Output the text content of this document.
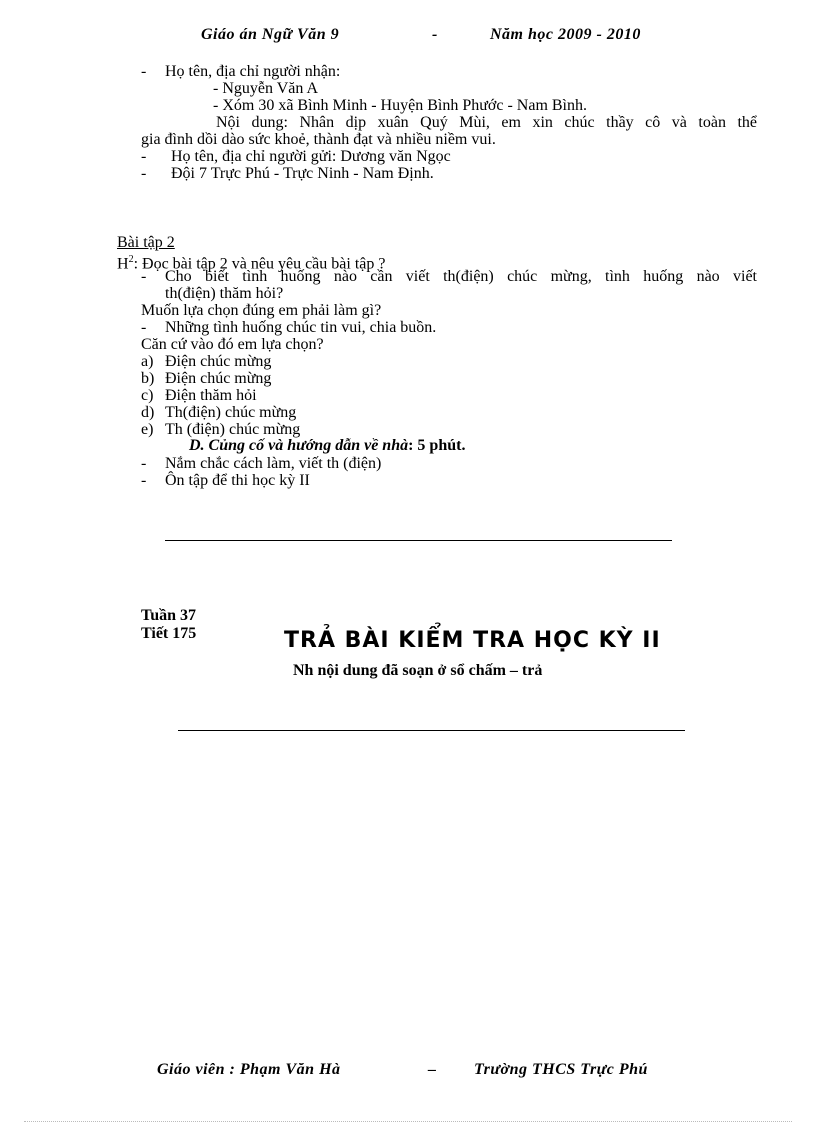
Giáo án Ngữ Văn 9	-	Năm học 2009 - 2010
- Họ tên, địa chỉ người nhận:
- Nguyễn Văn A
- Xóm 30 xã Bình Minh - Huyện Bình Phước - Nam Bình.
Nội dung: Nhân dịp xuân Quý Mùi, em xin chúc thầy cô và toàn thể
gia đình dồi dào sức khoẻ, thành đạt và nhiều niềm vui.
- Họ tên, địa chỉ người gửi: Dương văn Ngọc
- Đội 7 Trực Phú - Trực Ninh - Nam Định.
Bài tập 2
$H^2$: Đọc bài tập 2 và nêu yêu cầu bài tập ?
- Cho biết tình huống nào cần viết th(điện) chúc mừng, tình huống nào viết
th(điện) thăm hỏi?
Muốn lựa chọn đúng em phải làm gì?
- Những tình huống chúc tin vui, chia buồn.
Căn cứ vào đó em lựa chọn?
a) Điện chúc mừng
b) Điện chúc mừng
c) Điện thăm hỏi
d) Th(điện) chúc mừng
e) Th (điện) chúc mừng
D. Củng cố và hướng dẫn về nhà: 5 phút.
- Nắm chắc cách làm, viết th (điện)
- Ôn tập để thi học kỳ II
Tuần 37
Tiết 175	TRẢ BÀI KIỂM TRA HỌC KỲ II
Nh nội dung đã soạn ở sổ chấm – trả
Giáo viên : Phạm Văn Hà	– Trường THCS Trực Phú
